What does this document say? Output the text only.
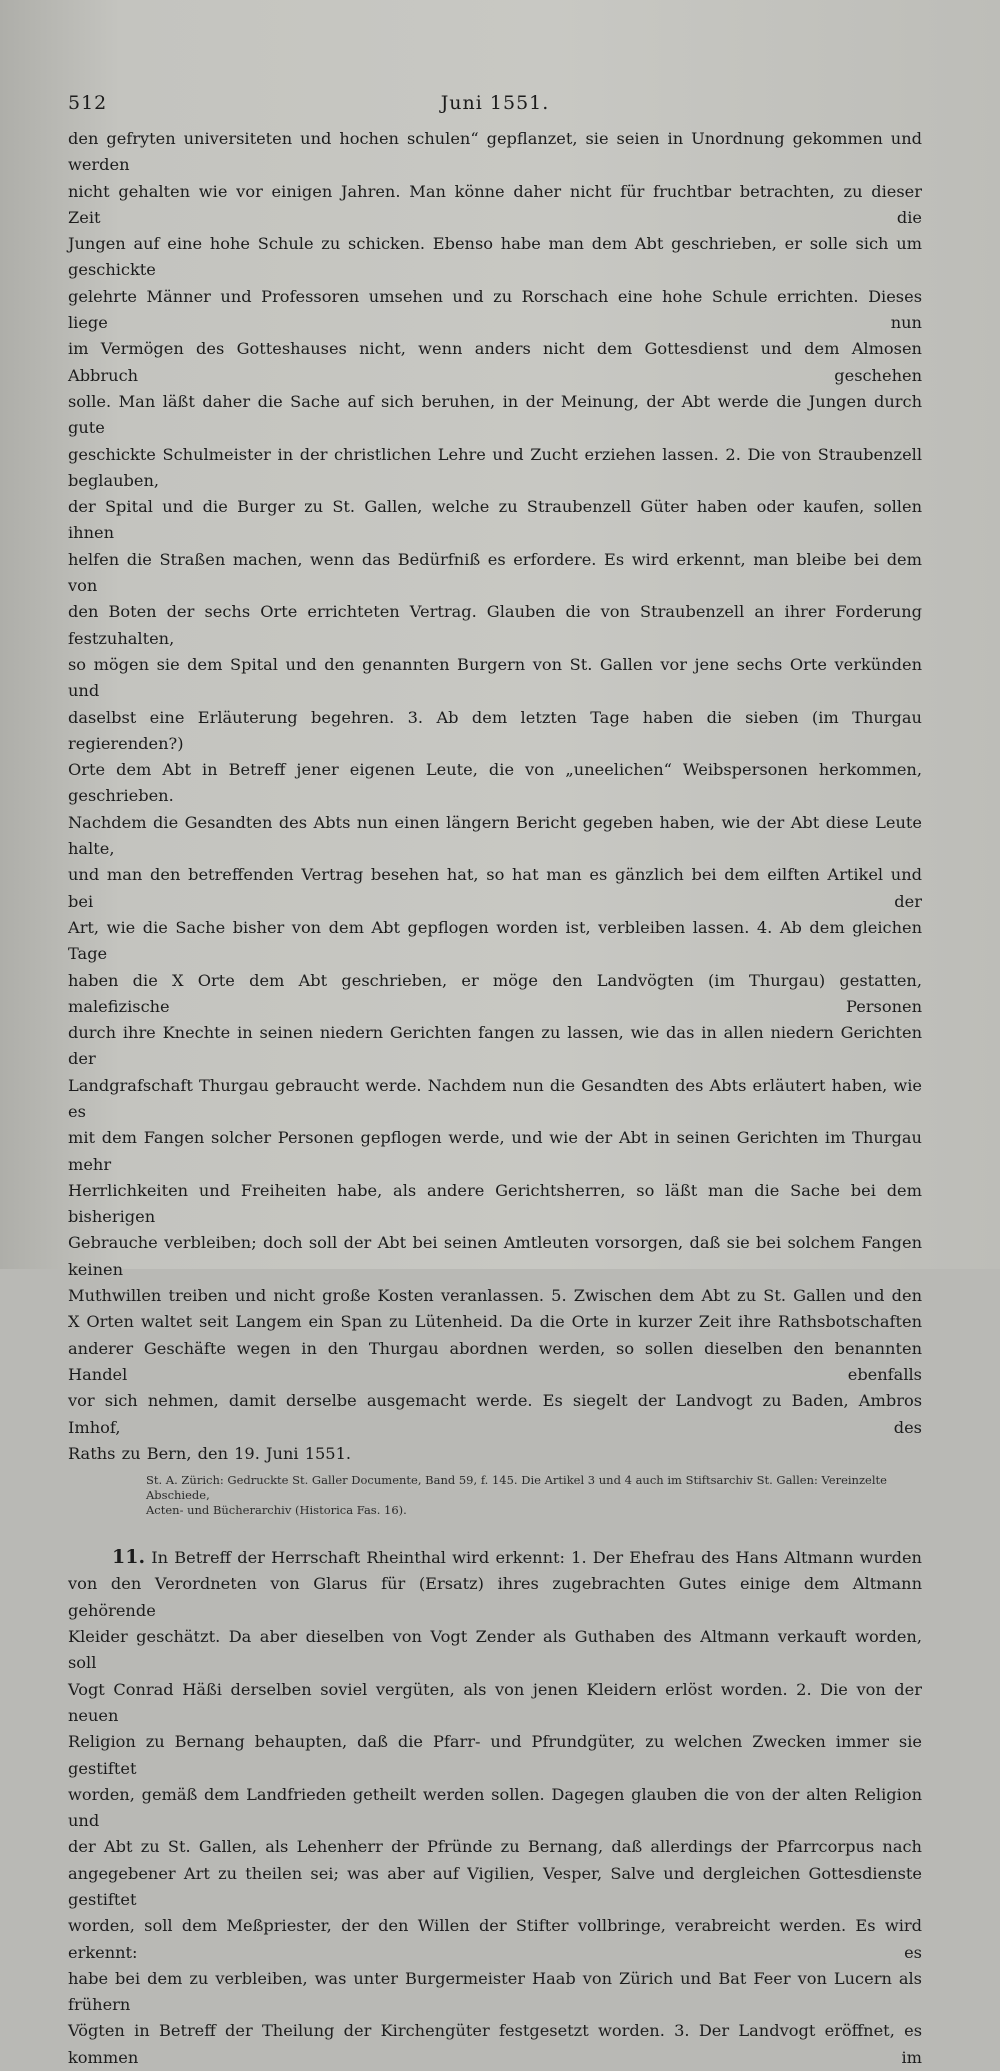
512	Juni 1551.
den gefryten universiteten und hochen schulen“ gepflanzet, sie seien in Unordnung gekommen und werden
nicht gehalten wie vor einigen Jahren. Man könne daher nicht für fruchtbar betrachten, zu dieser Zeit die
Jungen auf eine hohe Schule zu schicken. Ebenso habe man dem Abt geschrieben, er solle sich um geschickte
gelehrte Männer und Professoren umsehen und zu Rorschach eine hohe Schule errichten. Dieses liege nun
im Vermögen des Gotteshauses nicht, wenn anders nicht dem Gottesdienst und dem Almosen Abbruch geschehen
solle. Man läßt daher die Sache auf sich beruhen, in der Meinung, der Abt werde die Jungen durch gute
geschickte Schulmeister in der christlichen Lehre und Zucht erziehen lassen. 2. Die von Straubenzell beglauben,
der Spital und die Burger zu St. Gallen, welche zu Straubenzell Güter haben oder kaufen, sollen ihnen
helfen die Straßen machen, wenn das Bedürfniß es erfordere. Es wird erkennt, man bleibe bei dem von
den Boten der sechs Orte errichteten Vertrag. Glauben die von Straubenzell an ihrer Forderung festzuhalten,
so mögen sie dem Spital und den genannten Burgern von St. Gallen vor jene sechs Orte verkünden und
daselbst eine Erläuterung begehren. 3. Ab dem letzten Tage haben die sieben (im Thurgau regierenden?)
Orte dem Abt in Betreff jener eigenen Leute, die von „uneelichen“ Weibspersonen herkommen, geschrieben.
Nachdem die Gesandten des Abts nun einen längern Bericht gegeben haben, wie der Abt diese Leute halte,
und man den betreffenden Vertrag besehen hat, so hat man es gänzlich bei dem eilften Artikel und bei der
Art, wie die Sache bisher von dem Abt gepflogen worden ist, verbleiben lassen. 4. Ab dem gleichen Tage
haben die X Orte dem Abt geschrieben, er möge den Landvögten (im Thurgau) gestatten, malefizische Personen
durch ihre Knechte in seinen niedern Gerichten fangen zu lassen, wie das in allen niedern Gerichten der
Landgrafschaft Thurgau gebraucht werde. Nachdem nun die Gesandten des Abts erläutert haben, wie es
mit dem Fangen solcher Personen gepflogen werde, und wie der Abt in seinen Gerichten im Thurgau mehr
Herrlichkeiten und Freiheiten habe, als andere Gerichtsherren, so läßt man die Sache bei dem bisherigen
Gebrauche verbleiben; doch soll der Abt bei seinen Amtleuten vorsorgen, daß sie bei solchem Fangen keinen
Muthwillen treiben und nicht große Kosten veranlassen. 5. Zwischen dem Abt zu St. Gallen und den
X Orten waltet seit Langem ein Span zu Lütenheid. Da die Orte in kurzer Zeit ihre Rathsbotschaften
anderer Geschäfte wegen in den Thurgau abordnen werden, so sollen dieselben den benannten Handel ebenfalls
vor sich nehmen, damit derselbe ausgemacht werde. Es siegelt der Landvogt zu Baden, Ambros Imhof, des
Raths zu Bern, den 19. Juni 1551.
St. A. Zürich: Gedruckte St. Galler Documente, Band 59, f. 145. Die Artikel 3 und 4 auch im Stiftsarchiv St. Gallen: Vereinzelte Abschiede,
Acten- und Bücherarchiv (Historica Fas. 16).
11. In Betreff der Herrschaft Rheinthal wird erkennt: 1. Der Ehefrau des Hans Altmann wurden
von den Verordneten von Glarus für (Ersatz) ihres zugebrachten Gutes einige dem Altmann gehörende
Kleider geschätzt. Da aber dieselben von Vogt Zender als Guthaben des Altmann verkauft worden, soll
Vogt Conrad Häßi derselben soviel vergüten, als von jenen Kleidern erlöst worden. 2. Die von der neuen
Religion zu Bernang behaupten, daß die Pfarr- und Pfrundgüter, zu welchen Zwecken immer sie gestiftet
worden, gemäß dem Landfrieden getheilt werden sollen. Dagegen glauben die von der alten Religion und
der Abt zu St. Gallen, als Lehenherr der Pfründe zu Bernang, daß allerdings der Pfarrcorpus nach
angegebener Art zu theilen sei; was aber auf Vigilien, Vesper, Salve und dergleichen Gottesdienste gestiftet
worden, soll dem Meßpriester, der den Willen der Stifter vollbringe, verabreicht werden. Es wird erkennt: es
habe bei dem zu verbleiben, was unter Burgermeister Haab von Zürich und Bat Feer von Lucern als frühern
Vögten in Betreff der Theilung der Kirchengüter festgesetzt worden. 3. Der Landvogt eröffnet, es kommen im
